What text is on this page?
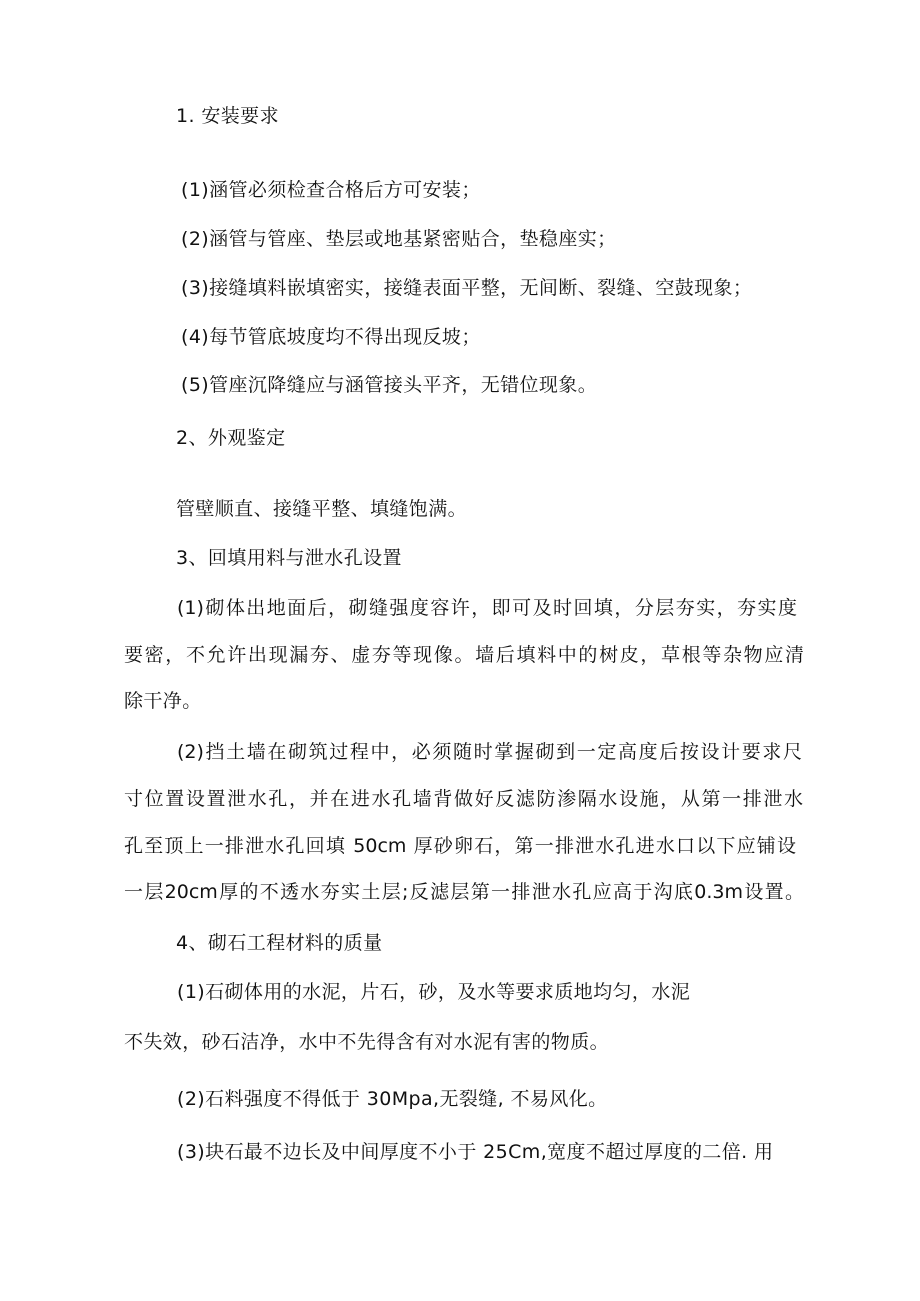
1. 安装要求
(1)涵管必须检查合格后方可安装；
(2)涵管与管座、垫层或地基紧密贴合，垫稳座实；
(3)接缝填料嵌填密实，接缝表面平整，无间断、裂缝、空鼓现象；
(4)每节管底坡度均不得出现反坡；
(5)管座沉降缝应与涵管接头平齐，无错位现象。
2、外观鉴定
管壁顺直、接缝平整、填缝饱满。
3、回填用料与泄水孔设置
(1)砌体出地面后，砌缝强度容许，即可及时回填，分层夯实，夯实度
要密，不允许出现漏夯、虚夯等现像。墙后填料中的树皮，草根等杂物应清
除干净。
(2)挡土墙在砌筑过程中，必须随时掌握砌到一定高度后按设计要求尺
寸位置设置泄水孔，并在进水孔墙背做好反滤防渗隔水设施，从第一排泄水
孔至顶上一排泄水孔回填 50cm 厚砂卵石，第一排泄水孔进水口以下应铺设
一层20cm厚的不透水夯实土层;反滤层第一排泄水孔应高于沟底0.3m设置。
4、砌石工程材料的质量
(1)石砌体用的水泥，片石，砂，及水等要求质地均匀，水泥
不失效，砂石洁净，水中不先得含有对水泥有害的物质。
(2)石料强度不得低于 30Mpa,无裂缝, 不易风化。
(3)块石最不边长及中间厚度不小于 25Cm,宽度不超过厚度的二倍. 用
